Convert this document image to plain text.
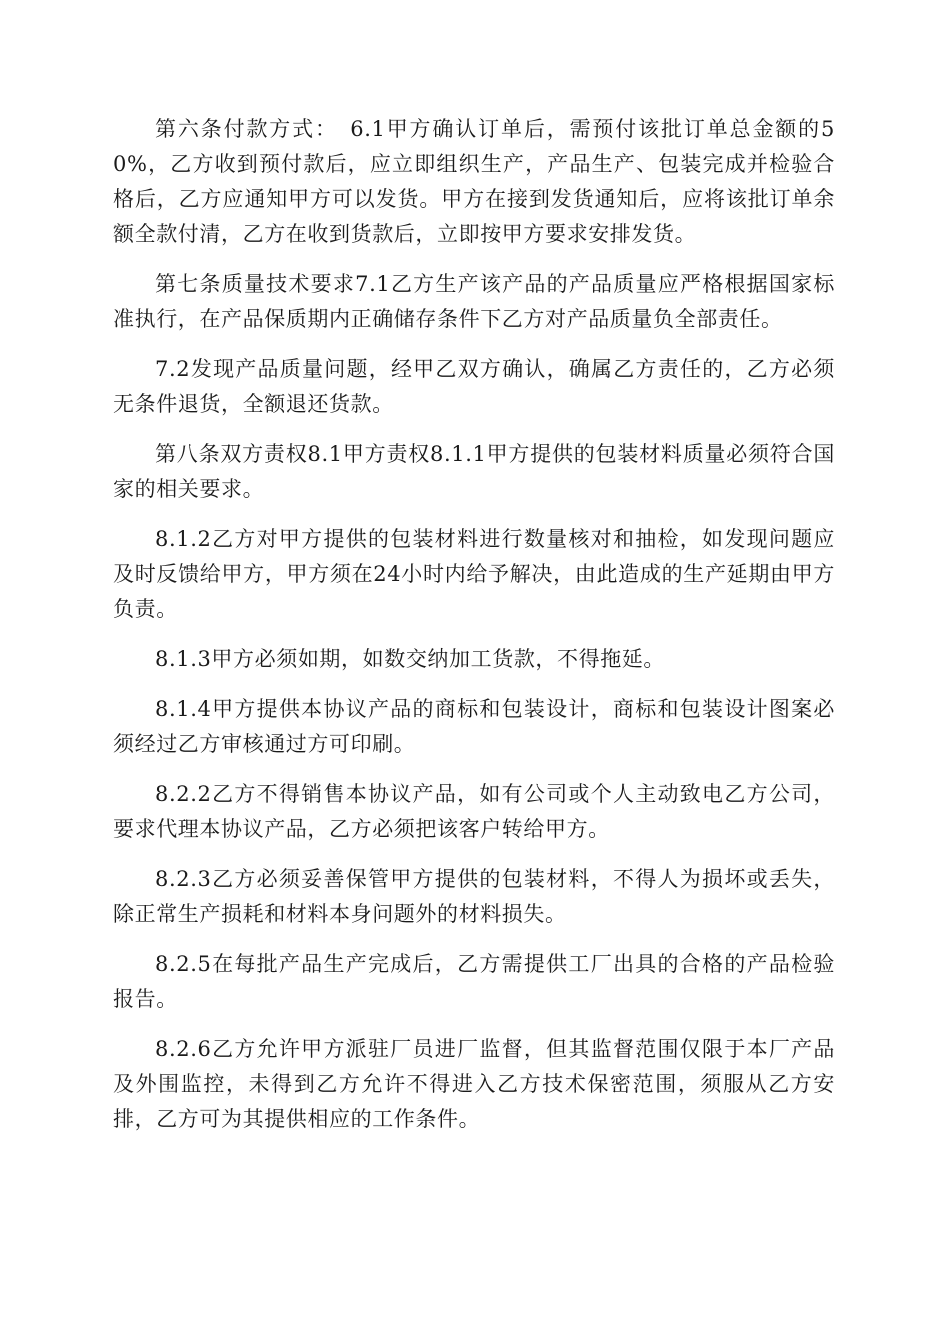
第六条付款方式：　6.1甲方确认订单后，需预付该批订单总金额的50%，乙方收到预付款后，应立即组织生产，产品生产、包装完成并检验合格后，乙方应通知甲方可以发货。甲方在接到发货通知后，应将该批订单余额全款付清，乙方在收到货款后，立即按甲方要求安排发货。

第七条质量技术要求7.1乙方生产该产品的产品质量应严格根据国家标准执行，在产品保质期内正确储存条件下乙方对产品质量负全部责任。

7.2发现产品质量问题，经甲乙双方确认，确属乙方责任的，乙方必须无条件退货，全额退还货款。

第八条双方责权8.1甲方责权8.1.1甲方提供的包装材料质量必须符合国家的相关要求。

8.1.2乙方对甲方提供的包装材料进行数量核对和抽检，如发现问题应及时反馈给甲方，甲方须在24小时内给予解决，由此造成的生产延期由甲方负责。

8.1.3甲方必须如期，如数交纳加工货款，不得拖延。

8.1.4甲方提供本协议产品的商标和包装设计，商标和包装设计图案必须经过乙方审核通过方可印刷。

8.2.2乙方不得销售本协议产品，如有公司或个人主动致电乙方公司，要求代理本协议产品，乙方必须把该客户转给甲方。

8.2.3乙方必须妥善保管甲方提供的包装材料，不得人为损坏或丢失，除正常生产损耗和材料本身问题外的材料损失。

8.2.5在每批产品生产完成后，乙方需提供工厂出具的合格的产品检验报告。

8.2.6乙方允许甲方派驻厂员进厂监督，但其监督范围仅限于本厂产品及外围监控，未得到乙方允许不得进入乙方技术保密范围，须服从乙方安排，乙方可为其提供相应的工作条件。
